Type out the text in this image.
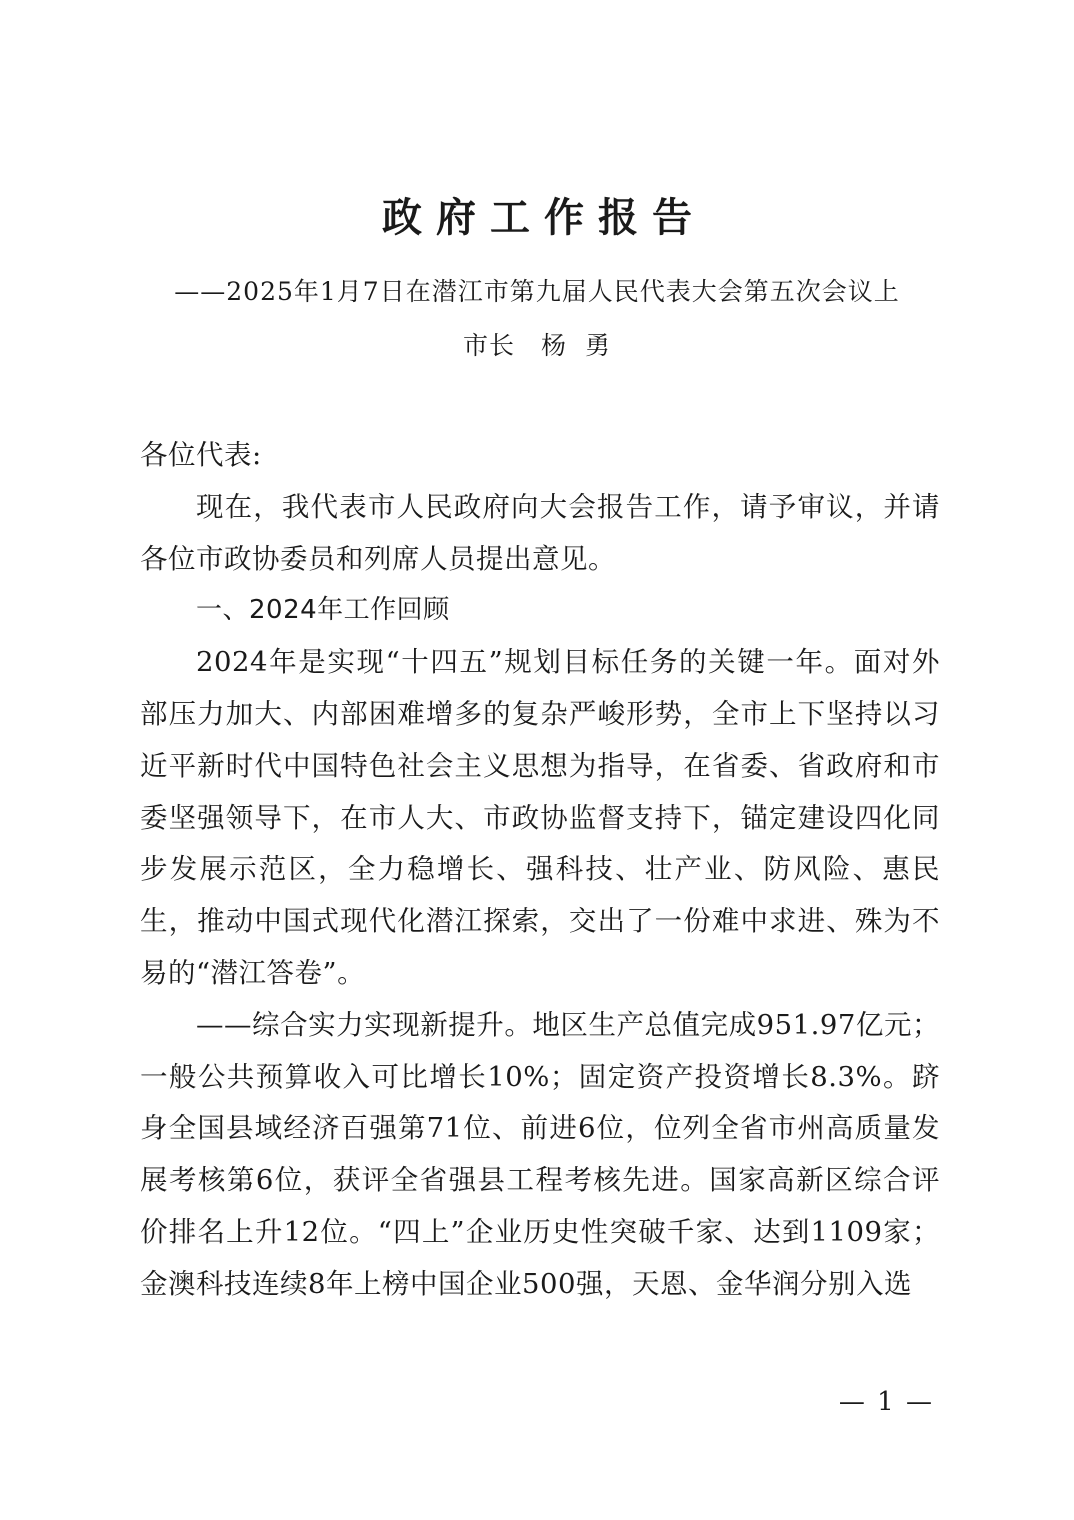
政府工作报告
——2025年1月7日在潜江市第九届人民代表大会第五次会议上
市长 杨 勇

各位代表:

现在，我代表市人民政府向大会报告工作，请予审议，并请各位市政协委员和列席人员提出意见。

一、2024年工作回顾

2024年是实现“十四五”规划目标任务的关键一年。面对外部压力加大、内部困难增多的复杂严峻形势，全市上下坚持以习近平新时代中国特色社会主义思想为指导，在省委、省政府和市委坚强领导下，在市人大、市政协监督支持下，锚定建设四化同步发展示范区，全力稳增长、强科技、壮产业、防风险、惠民生，推动中国式现代化潜江探索，交出了一份难中求进、殊为不易的“潜江答卷”。

——综合实力实现新提升。地区生产总值完成951.97亿元；一般公共预算收入可比增长10%；固定资产投资增长8.3%。跻身全国县域经济百强第71位、前进6位，位列全省市州高质量发展考核第6位，获评全省强县工程考核先进。国家高新区综合评价排名上升12位。“四上”企业历史性突破千家、达到1109家；金澳科技连续8年上榜中国企业500强，天恩、金华润分别入选

— 1 —
